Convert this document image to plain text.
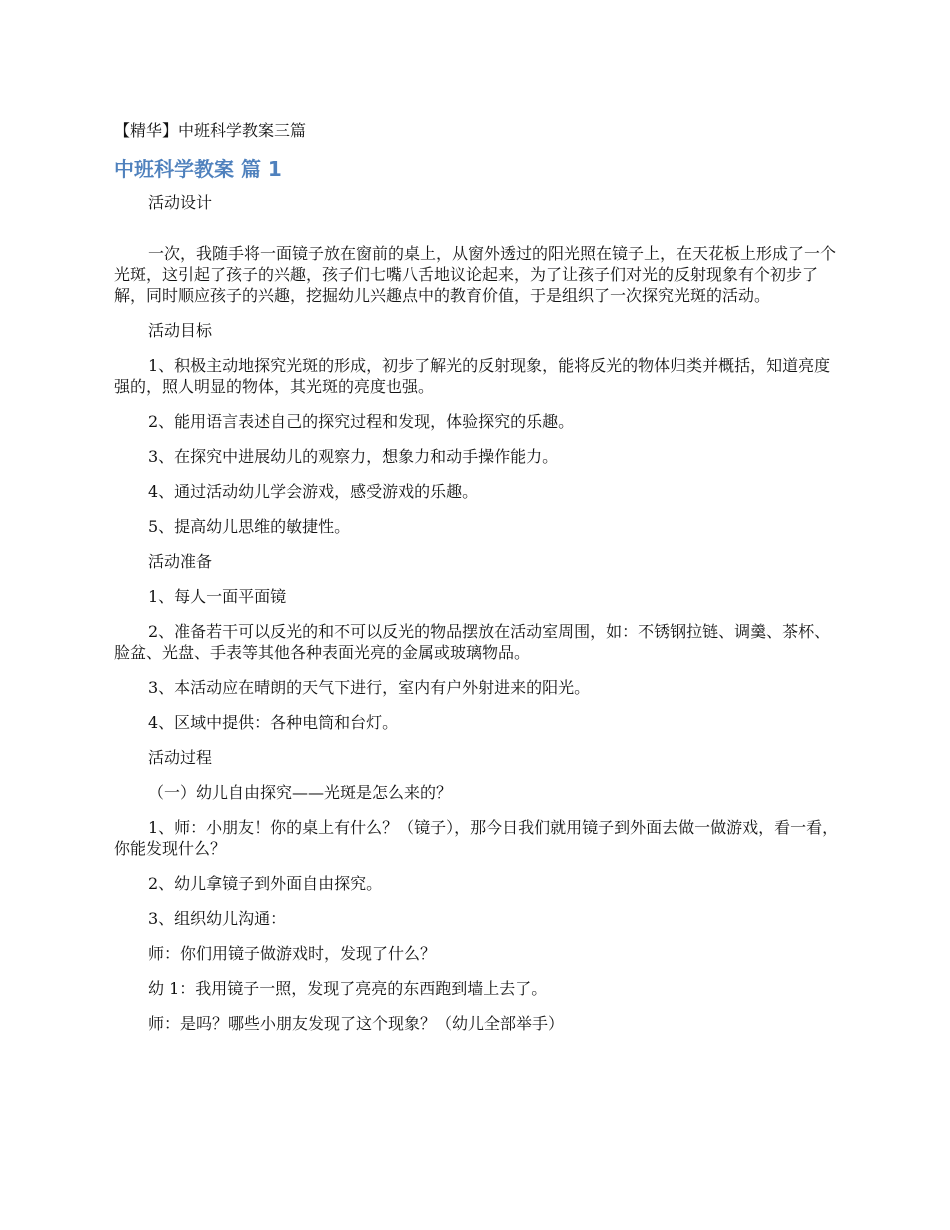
【精华】中班科学教案三篇
中班科学教案 篇 1

活动设计

一次，我随手将一面镜子放在窗前的桌上，从窗外透过的阳光照在镜子上，在天花板上形成了一个光斑，这引起了孩子的兴趣，孩子们七嘴八舌地议论起来，为了让孩子们对光的反射现象有个初步了解，同时顺应孩子的兴趣，挖掘幼儿兴趣点中的教育价值，于是组织了一次探究光斑的活动。

活动目标

1、积极主动地探究光斑的形成，初步了解光的反射现象，能将反光的物体归类并概括，知道亮度强的，照人明显的物体，其光斑的亮度也强。

2、能用语言表述自己的探究过程和发现，体验探究的乐趣。

3、在探究中进展幼儿的观察力，想象力和动手操作能力。

4、通过活动幼儿学会游戏，感受游戏的乐趣。

5、提高幼儿思维的敏捷性。

活动准备

1、每人一面平面镜

2、准备若干可以反光的和不可以反光的物品摆放在活动室周围，如：不锈钢拉链、调羹、茶杯、脸盆、光盘、手表等其他各种表面光亮的金属或玻璃物品。

3、本活动应在晴朗的天气下进行，室内有户外射进来的阳光。

4、区域中提供：各种电筒和台灯。

活动过程

（一）幼儿自由探究——光斑是怎么来的？

1、师：小朋友！你的桌上有什么？（镜子），那今日我们就用镜子到外面去做一做游戏，看一看，你能发现什么？

2、幼儿拿镜子到外面自由探究。

3、组织幼儿沟通：

师：你们用镜子做游戏时，发现了什么？

幼 1：我用镜子一照，发现了亮亮的东西跑到墙上去了。

师：是吗？哪些小朋友发现了这个现象？（幼儿全部举手）
